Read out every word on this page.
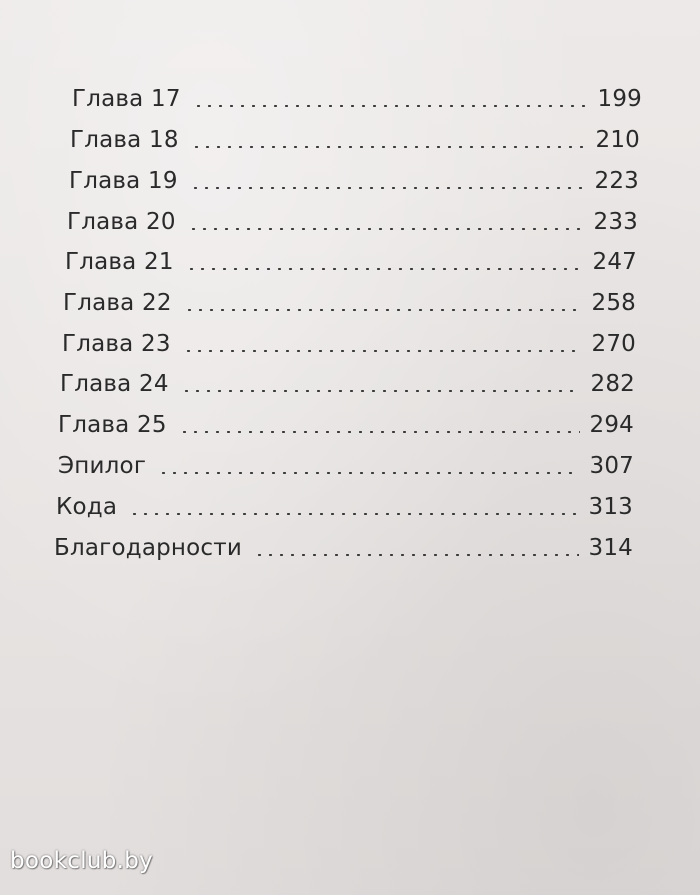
Глава 17	199
Глава 18	210
Глава 19	223
Глава 20	233
Глава 21	247
Глава 22	258
Глава 23	270
Глава 24	282
Глава 25	294
Эпилог	307
Кода	313
Благодарности	314
bookclub.by
